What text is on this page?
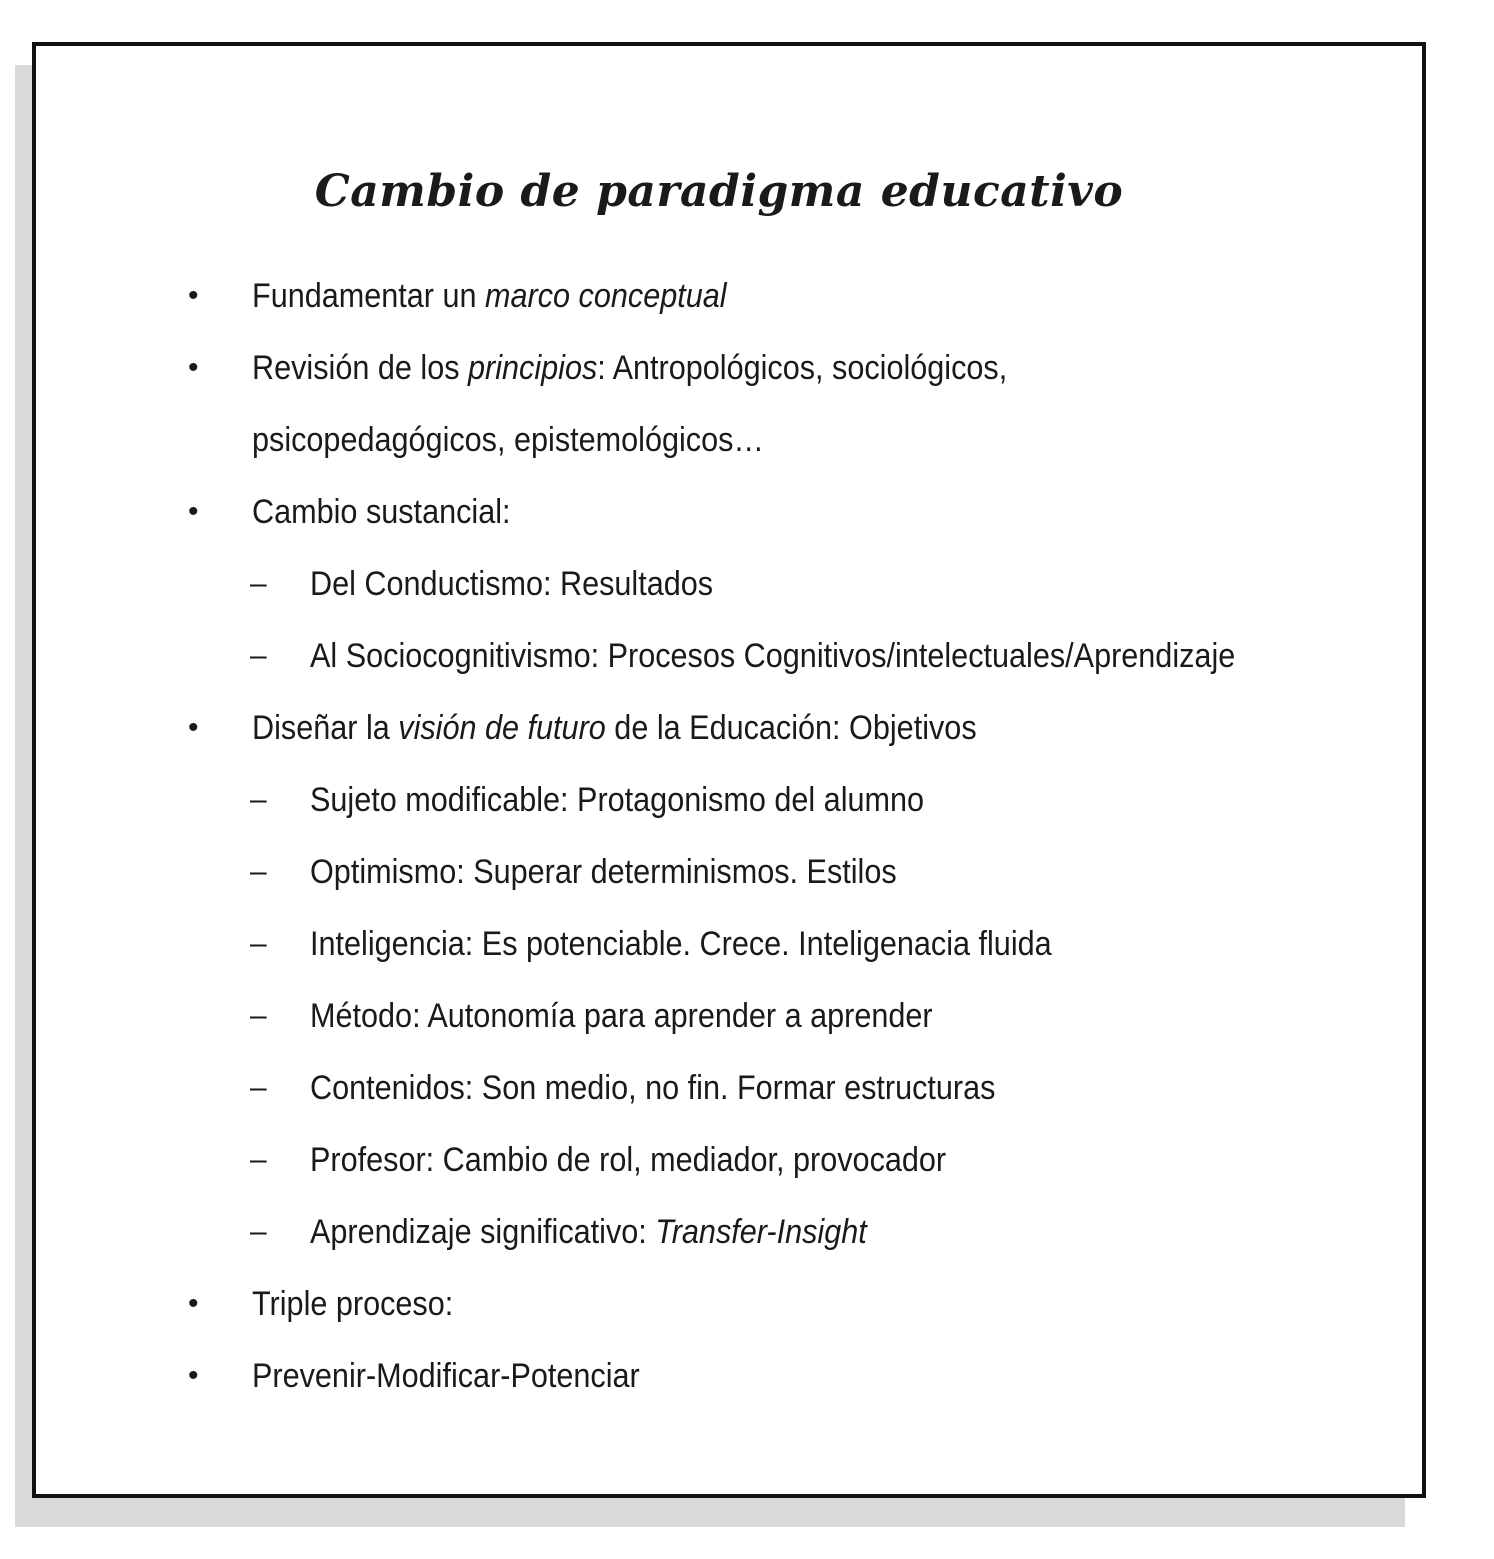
Cambio de paradigma educativo
• Fundamentar un marco conceptual
• Revisión de los principios: Antropológicos, sociológicos,
psicopedagógicos, epistemológicos…
• Cambio sustancial:
– Del Conductismo: Resultados
– Al Sociocognitivismo: Procesos Cognitivos/intelectuales/Aprendizaje
• Diseñar la visión de futuro de la Educación: Objetivos
– Sujeto modificable: Protagonismo del alumno
– Optimismo: Superar determinismos. Estilos
– Inteligencia: Es potenciable. Crece. Inteligenacia fluida
– Método: Autonomía para aprender a aprender
– Contenidos: Son medio, no fin. Formar estructuras
– Profesor: Cambio de rol, mediador, provocador
– Aprendizaje significativo: Transfer-Insight
• Triple proceso:
• Prevenir-Modificar-Potenciar
